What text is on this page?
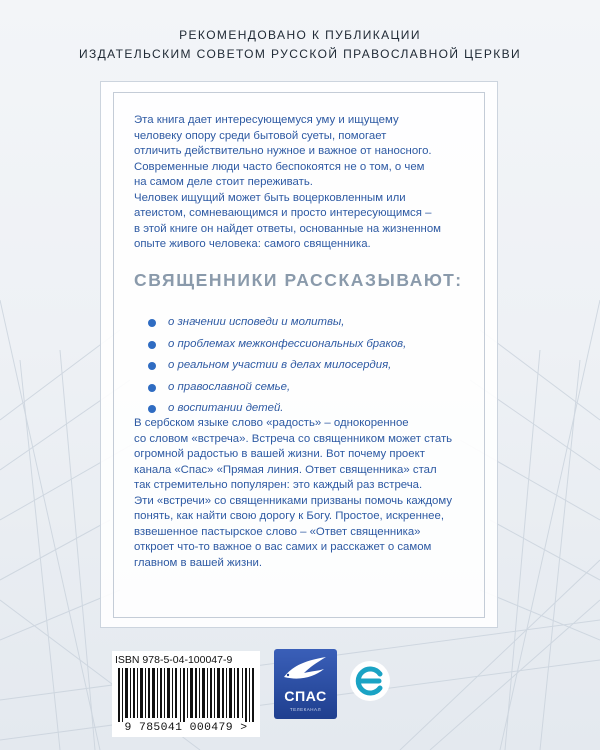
РЕКОМЕНДОВАНО К ПУБЛИКАЦИИ
ИЗДАТЕЛЬСКИМ СОВЕТОМ РУССКОЙ ПРАВОСЛАВНОЙ ЦЕРКВИ

Эта книга дает интересующемуся уму и ищущему

человеку опору среди бытовой суеты, помогает

отличить действительно нужное и важное от наносного.

Современные люди часто беспокоятся не о том, о чем

на самом деле стоит переживать.

Человек ищущий может быть воцерковленным или

атеистом, сомневающимся и просто интересующимся –

в этой книге он найдет ответы, основанные на жизненном

опыте живого человека: самого священника.

СВЯЩЕННИКИ РАССКАЗЫВАЮТ:
о значении исповеди и молитвы,
о проблемах межконфессиональных браков,
о реальном участии в делах милосердия,
о православной семье,
о воспитании детей.
В сербском языке слово «радость» – однокоренное
со словом «встреча». Встреча со священником может стать
огромной радостью в вашей жизни. Вот почему проект
канала «Спас» «Прямая линия. Ответ священника» стал
так стремительно популярен: это каждый раз встреча.
Эти «встречи» со священниками призваны помочь каждому
понять, как найти свою дорогу к Богу. Простое, искреннее,
взвешенное пастырское слово – «Ответ священника»
откроет что-то важное о вас самих и расскажет о самом
главном в вашей жизни.
ISBN 978-5-04-100047-9
9 785041 000479 >
СПАС
ТЕЛЕКАНАЛ
